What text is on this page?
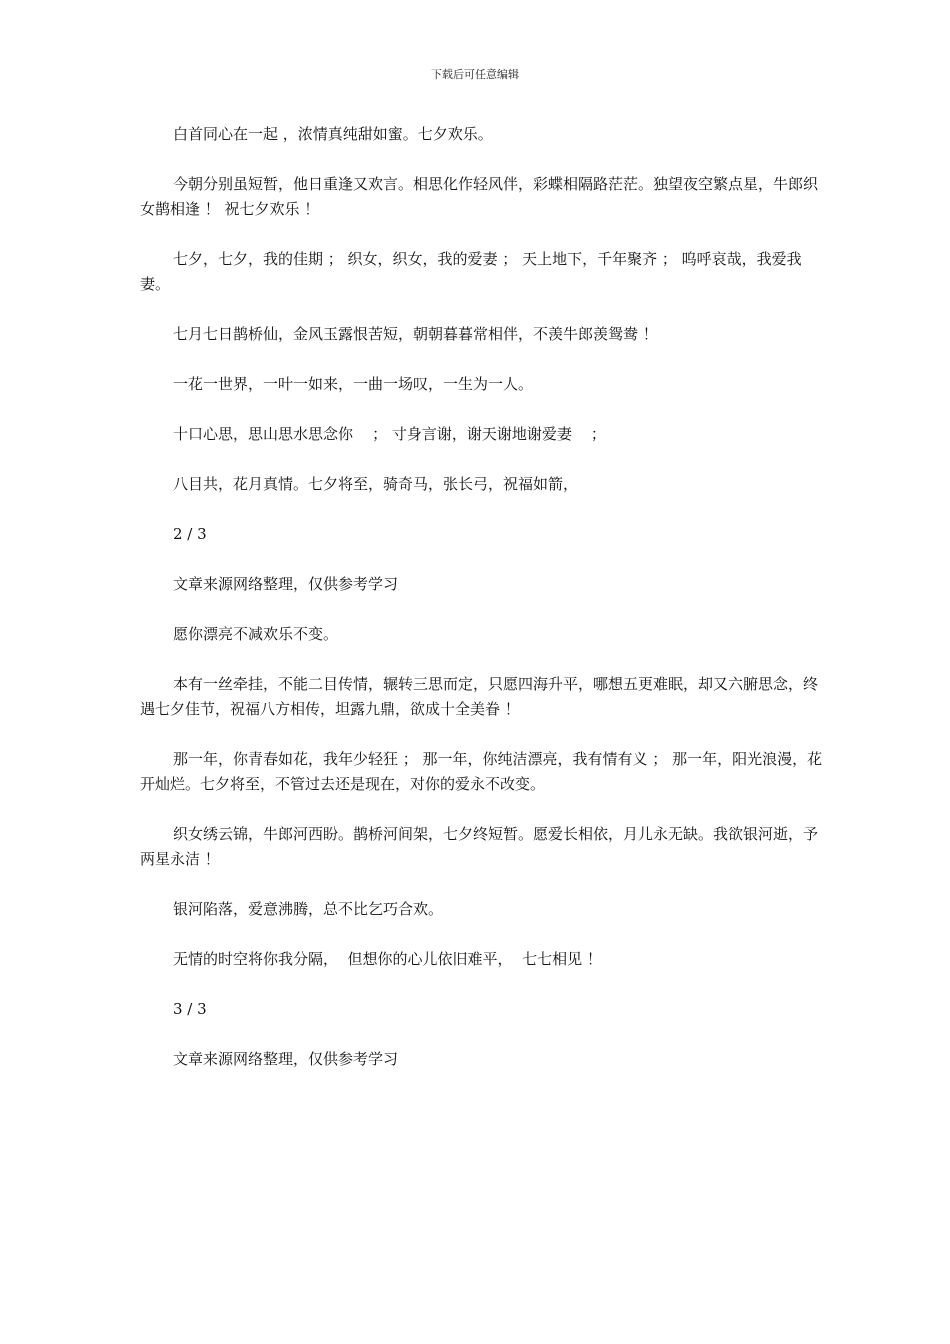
下载后可任意编辑

白首同心在一起 ，浓情真纯甜如蜜。七夕欢乐。

今朝分别虽短暂，他日重逢又欢言。相思化作轻风伴，彩蝶相隔路茫茫。独望夜空繁点星，牛郎织女鹊相逢 ！ 祝七夕欢乐 ！

七夕，七夕，我的佳期 ； 织女，织女，我的爱妻 ； 天上地下，千年聚齐 ； 呜呼哀哉，我爱我妻。

七月七日鹊桥仙，金风玉露恨苦短，朝朝暮暮常相伴，不羡牛郎羡鸳鸯 ！

一花一世界，一叶一如来，一曲一场叹，一生为一人。

十口心思，思山思水思念你    ； 寸身言谢，谢天谢地谢爱妻    ；

八目共，花月真情。七夕将至，骑奇马，张长弓，祝福如箭，

2 / 3

文章来源网络整理，仅供参考学习

愿你漂亮不减欢乐不变。

本有一丝牵挂，不能二目传情，辗转三思而定，只愿四海升平，哪想五更难眠，却又六腑思念，终遇七夕佳节，祝福八方相传，坦露九鼎，欲成十全美眷 ！

那一年，你青春如花，我年少轻狂 ； 那一年，你纯洁漂亮，我有情有义 ； 那一年，阳光浪漫，花开灿烂。七夕将至，不管过去还是现在，对你的爱永不改变。

织女绣云锦，牛郎河西盼。鹊桥河间架，七夕终短暂。愿爱长相依，月儿永无缺。我欲银河逝，予两星永洁 ！

银河陷落，爱意沸腾，总不比乞巧合欢。

无情的时空将你我分隔，  但想你的心儿依旧难平，  七七相见 ！

3 / 3

文章来源网络整理，仅供参考学习
